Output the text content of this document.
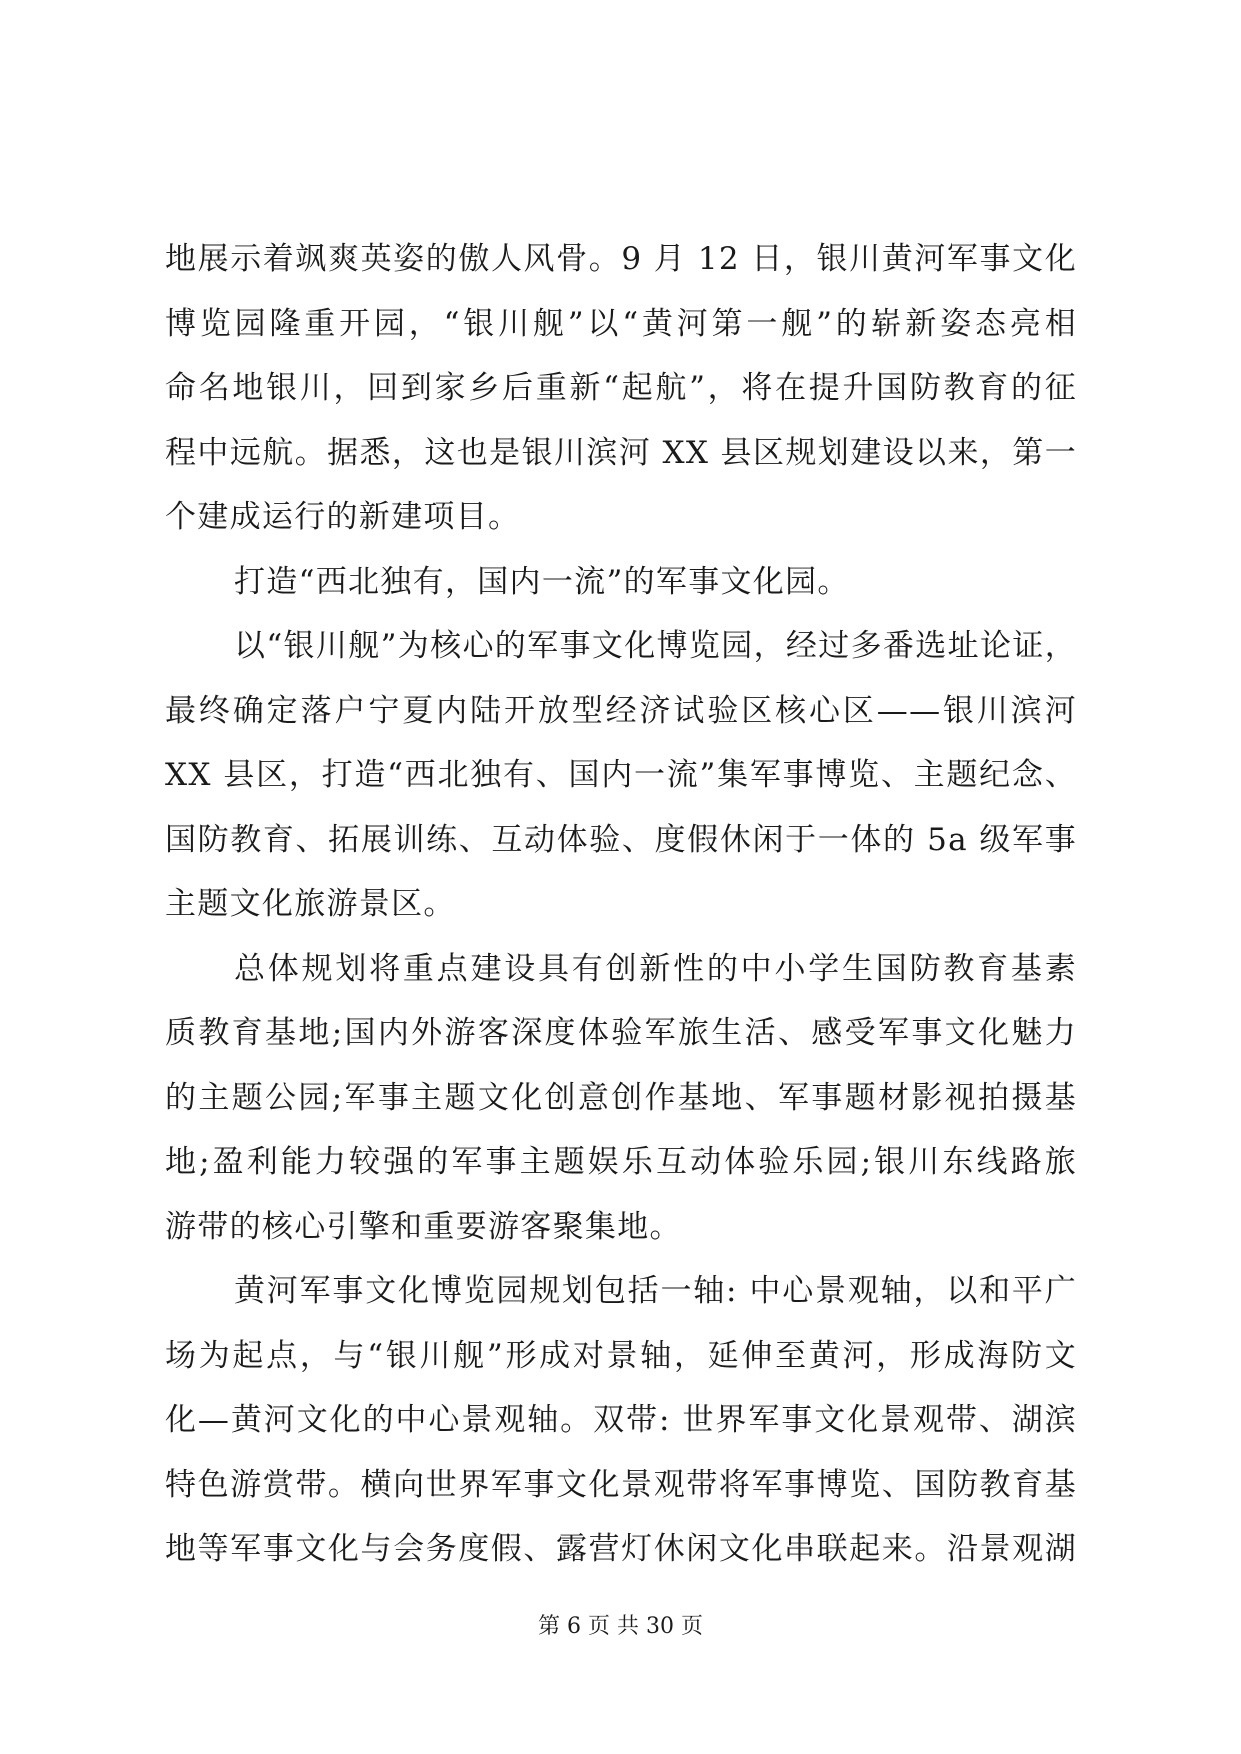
地展示着飒爽英姿的傲人风骨。9 月 12 日，银川黄河军事文化
博览园隆重开园，“银川舰”以“黄河第一舰”的崭新姿态亮相
命名地银川，回到家乡后重新“起航”，将在提升国防教育的征
程中远航。据悉，这也是银川滨河 XX 县区规划建设以来，第一
个建成运行的新建项目。
打造“西北独有，国内一流”的军事文化园。
以“银川舰”为核心的军事文化博览园，经过多番选址论证，
最终确定落户宁夏内陆开放型经济试验区核心区——银川滨河
XX 县区，打造“西北独有、国内一流”集军事博览、主题纪念、
国防教育、拓展训练、互动体验、度假休闲于一体的 5a 级军事
主题文化旅游景区。
总体规划将重点建设具有创新性的中小学生国防教育基素
质教育基地;国内外游客深度体验军旅生活、感受军事文化魅力
的主题公园;军事主题文化创意创作基地、军事题材影视拍摄基
地;盈利能力较强的军事主题娱乐互动体验乐园;银川东线路旅
游带的核心引擎和重要游客聚集地。
黄河军事文化博览园规划包括一轴: 中心景观轴，以和平广
场为起点，与“银川舰”形成对景轴，延伸至黄河，形成海防文
化—黄河文化的中心景观轴。双带: 世界军事文化景观带、湖滨
特色游赏带。横向世界军事文化景观带将军事博览、国防教育基
地等军事文化与会务度假、露营灯休闲文化串联起来。沿景观湖
第 6 页 共 30 页
